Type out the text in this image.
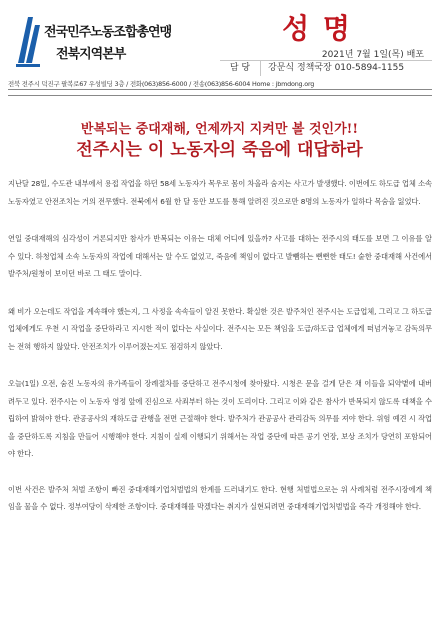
전국민주노동조합총연맹
전북지역본부
성 명
2021년 7월 1일(목) 배포
담 당	강문식 정책국장 010-5894-1155
전북 전주시 덕진구 팔복로67 우성빌딩 3층 / 전화(063)856-6000 / 전송(063)856-6004 Home : jbmdong.org
반복되는 중대재해, 언제까지 지켜만 볼 것인가!!
전주시는 이 노동자의 죽음에 대답하라

지난달 28일, 수도관 내부에서 용접 작업을 하던 58세 노동자가 목우로 몸이 차올라 숨지는 사고가 발생했다. 이번에도 하도급 업체 소속 노동자였고 안전조치는 거의 전무했다. 전북에서 6월 한 달 동안 보도를 통해 알려진 것으로만 8명의 노동자가 일하다 목숨을 잃었다.

연일 중대재해의 심각성이 거론되지만 참사가 반복되는 이유는 대체 어디에 있을까? 사고를 대하는 전주시의 태도를 보면 그 이유를 알 수 있다. 하청업체 소속 노동자의 작업에 대해서는 알 수도 없었고, 죽음에 책임이 없다고 발뺌하는 뻔뻔한 태도! 숱한 중대재해 사건에서 발주처/원청이 보이던 바로 그 태도 말이다.

왜 비가 오는데도 작업을 계속해야 했는지, 그 사정을 속속들이 알진 못한다. 확실한 것은 발주처인 전주시는 도급업체, 그리고 그 하도급업체에게도 우천 시 작업을 중단하라고 지시한 적이 없다는 사실이다. 전주시는 모든 책임을 도급/하도급 업체에게 떠넘겨놓고 감독의무는 전혀 행하지 않았다. 안전조치가 이루어졌는지도 점검하지 않았다.

오늘(1일) 오전, 숨진 노동자의 유가족들이 장례절차를 중단하고 전주시청에 찾아왔다. 시청은 문을 걸게 닫은 채 이들을 되약볕에 내버려두고 있다. 전주시는 이 노동자 영정 앞에 진심으로 사죄부터 하는 것이 도리이다. 그리고 이와 같은 참사가 반복되지 않도록 대책을 수립하여 밝혀야 한다. 관공공사의 재하도급 관행을 전면 근절해야 한다. 발주처가 관공공사 관리감독 의무를 져야 한다. 위험 예견 시 작업을 중단하도록 지침을 만들어 시행해야 한다. 지침이 실제 이행되기 위해서는 작업 중단에 따른 공기 연장, 보상 조치가 당연히 포함되어야 한다.

이번 사건은 발주처 처벌 조항이 빠진 중대재해기업처벌법의 한계를 드러내기도 한다. 현행 처벌법으로는 위 사례처럼 전주시장에게 책임을 물을 수 없다. 정부여당이 삭제한 조항이다. 중대재해를 막겠다는 취지가 실현되려면 중대재해기업처벌법을 즉각 개정해야 한다.
